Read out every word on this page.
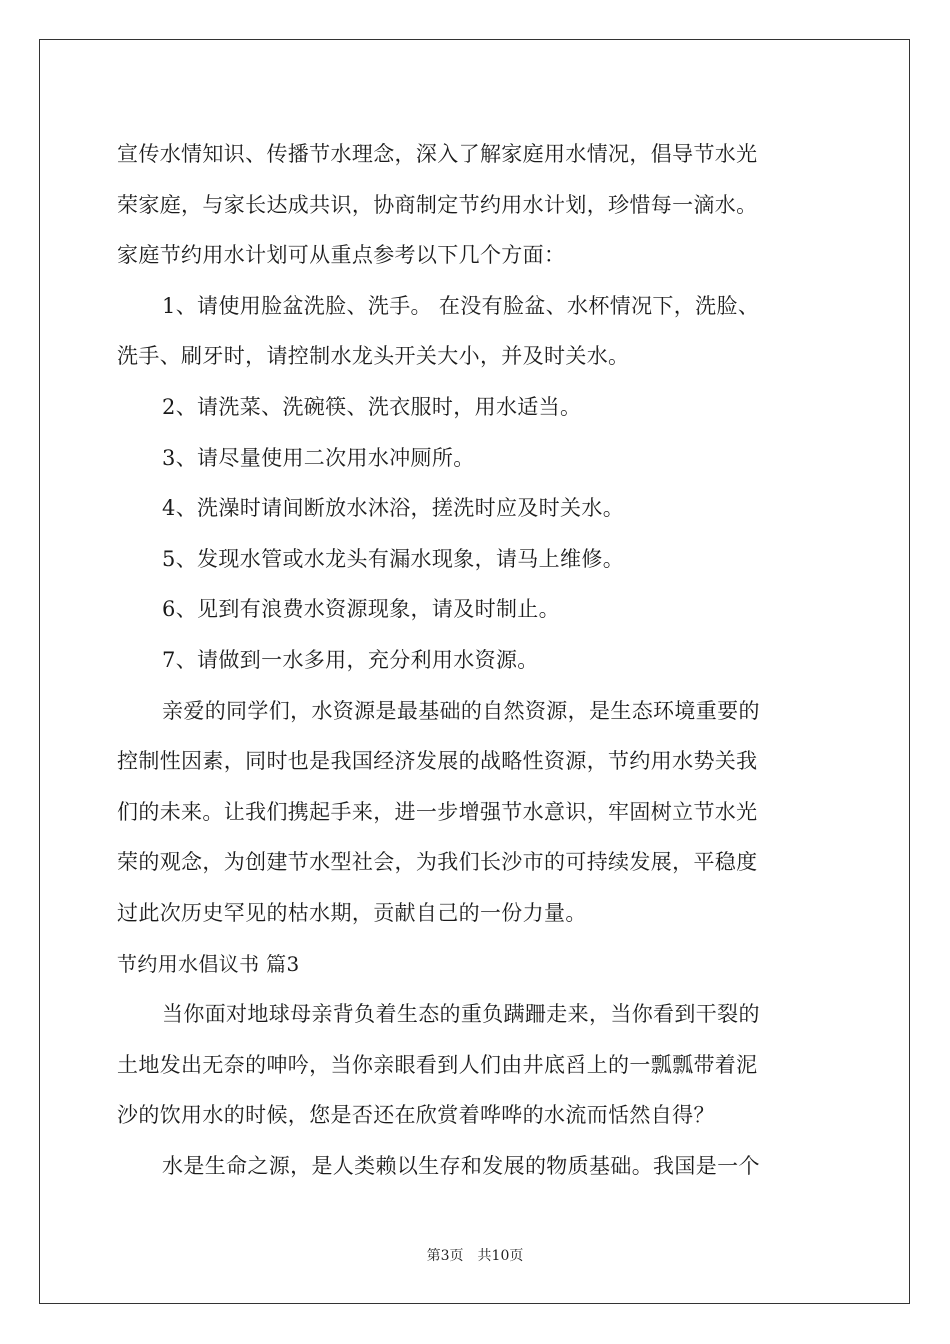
宣传水情知识、传播节水理念，深入了解家庭用水情况，倡导节水光
荣家庭，与家长达成共识，协商制定节约用水计划，珍惜每一滴水。
家庭节约用水计划可从重点参考以下几个方面：
1、请使用脸盆洗脸、洗手。 在没有脸盆、水杯情况下，洗脸、
洗手、刷牙时，请控制水龙头开关大小，并及时关水。
2、请洗菜、洗碗筷、洗衣服时，用水适当。
3、请尽量使用二次用水冲厕所。
4、洗澡时请间断放水沐浴，搓洗时应及时关水。
5、发现水管或水龙头有漏水现象，请马上维修。
6、见到有浪费水资源现象，请及时制止。
7、请做到一水多用，充分利用水资源。
亲爱的同学们，水资源是最基础的自然资源，是生态环境重要的
控制性因素，同时也是我国经济发展的战略性资源，节约用水势关我
们的未来。让我们携起手来，进一步增强节水意识，牢固树立节水光
荣的观念，为创建节水型社会，为我们长沙市的可持续发展，平稳度
过此次历史罕见的枯水期，贡献自己的一份力量。
节约用水倡议书 篇3
当你面对地球母亲背负着生态的重负蹒跚走来，当你看到干裂的
土地发出无奈的呻吟，当你亲眼看到人们由井底舀上的一瓢瓢带着泥
沙的饮用水的时候，您是否还在欣赏着哗哗的水流而恬然自得？
水是生命之源，是人类赖以生存和发展的物质基础。我国是一个
第3页 共10页
